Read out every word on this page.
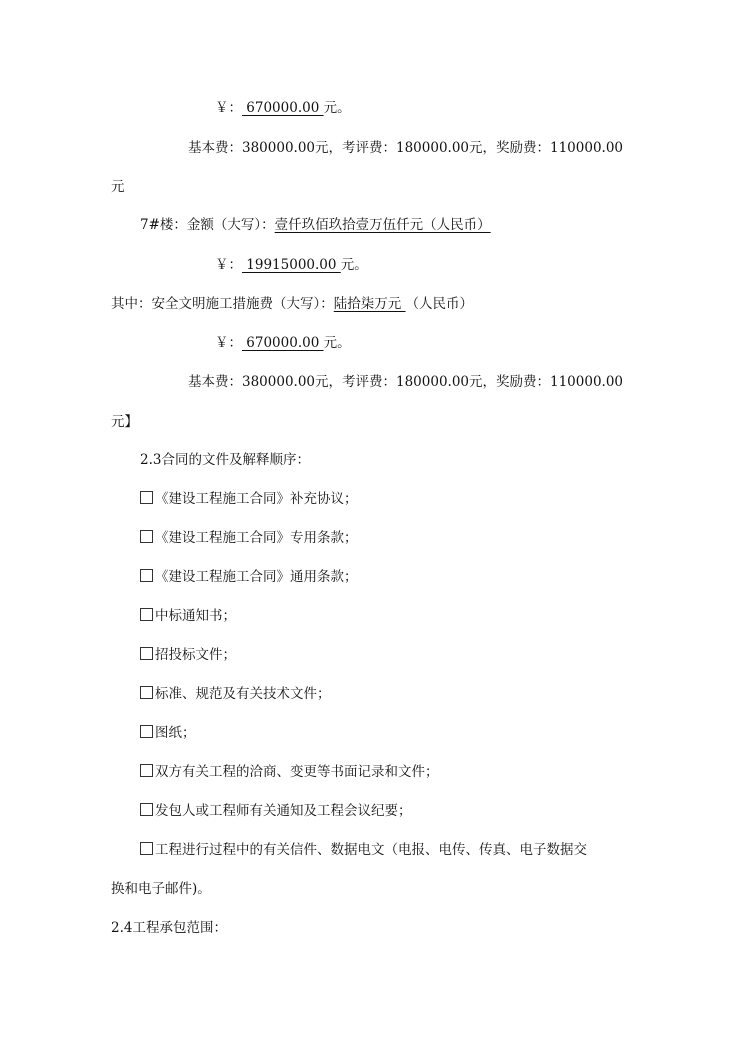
￥： 670000.00 元。
基本费：380000.00元，考评费：180000.00元，奖励费：110000.00
元
7#楼：金额（大写）：壹仟玖佰玖拾壹万伍仟元（人民币）
￥： 19915000.00 元。
其中：安全文明施工措施费（大写）：陆拾柒万元 （人民币）
￥： 670000.00 元。
基本费：380000.00元，考评费：180000.00元，奖励费：110000.00
元】
2.3合同的文件及解释顺序：
《建设工程施工合同》补充协议；
《建设工程施工合同》专用条款；
《建设工程施工合同》通用条款；
中标通知书；
招投标文件；
标准、规范及有关技术文件；
图纸；
双方有关工程的洽商、变更等书面记录和文件；
发包人或工程师有关通知及工程会议纪要；
工程进行过程中的有关信件、数据电文（电报、电传、传真、电子数据交
换和电子邮件)。
2.4工程承包范围：
